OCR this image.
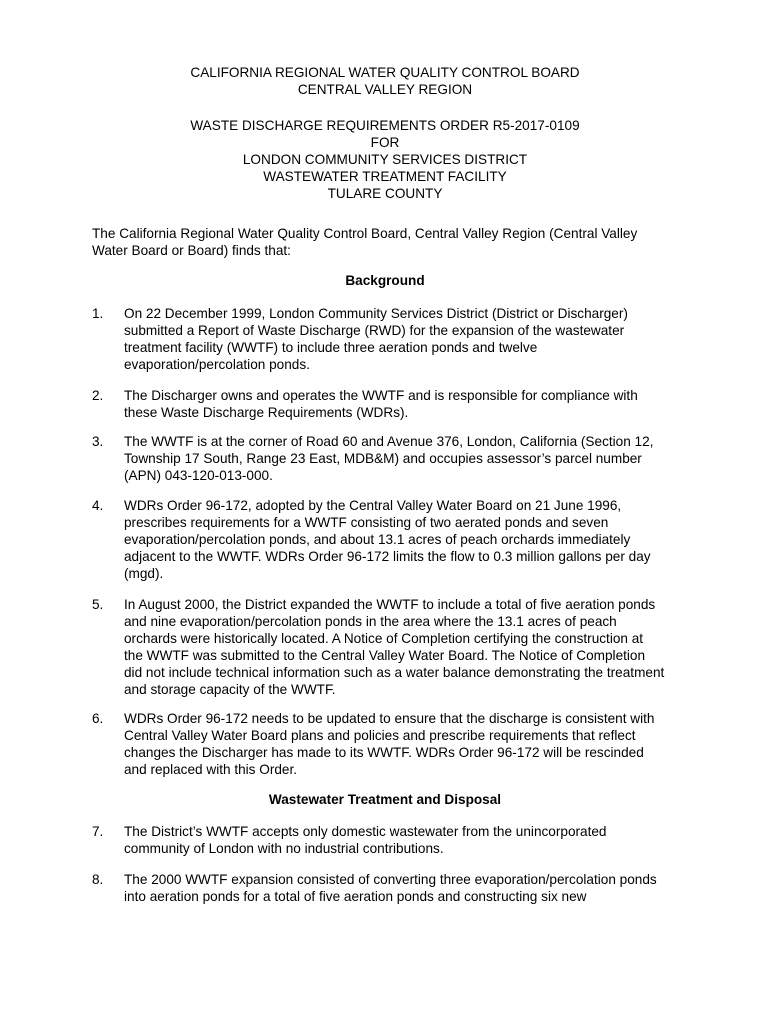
CALIFORNIA REGIONAL WATER QUALITY CONTROL BOARD
CENTRAL VALLEY REGION
WASTE DISCHARGE REQUIREMENTS ORDER R5-2017-0109
FOR
LONDON COMMUNITY SERVICES DISTRICT
WASTEWATER TREATMENT FACILITY
TULARE COUNTY
The California Regional Water Quality Control Board, Central Valley Region (Central Valley
Water Board or Board) finds that:
Background
1. On 22 December 1999, London Community Services District (District or Discharger)
submitted a Report of Waste Discharge (RWD) for the expansion of the wastewater
treatment facility (WWTF) to include three aeration ponds and twelve
evaporation/percolation ponds.
2. The Discharger owns and operates the WWTF and is responsible for compliance with
these Waste Discharge Requirements (WDRs).
3. The WWTF is at the corner of Road 60 and Avenue 376, London, California (Section 12,
Township 17 South, Range 23 East, MDB&M) and occupies assessor’s parcel number
(APN) 043-120-013-000.
4. WDRs Order 96-172, adopted by the Central Valley Water Board on 21 June 1996,
prescribes requirements for a WWTF consisting of two aerated ponds and seven
evaporation/percolation ponds, and about 13.1 acres of peach orchards immediately
adjacent to the WWTF. WDRs Order 96-172 limits the flow to 0.3 million gallons per day
(mgd).
5. In August 2000, the District expanded the WWTF to include a total of five aeration ponds
and nine evaporation/percolation ponds in the area where the 13.1 acres of peach
orchards were historically located. A Notice of Completion certifying the construction at
the WWTF was submitted to the Central Valley Water Board. The Notice of Completion
did not include technical information such as a water balance demonstrating the treatment
and storage capacity of the WWTF.
6. WDRs Order 96-172 needs to be updated to ensure that the discharge is consistent with
Central Valley Water Board plans and policies and prescribe requirements that reflect
changes the Discharger has made to its WWTF. WDRs Order 96-172 will be rescinded
and replaced with this Order.
Wastewater Treatment and Disposal
7. The District’s WWTF accepts only domestic wastewater from the unincorporated
community of London with no industrial contributions.
8. The 2000 WWTF expansion consisted of converting three evaporation/percolation ponds
into aeration ponds for a total of five aeration ponds and constructing six new
